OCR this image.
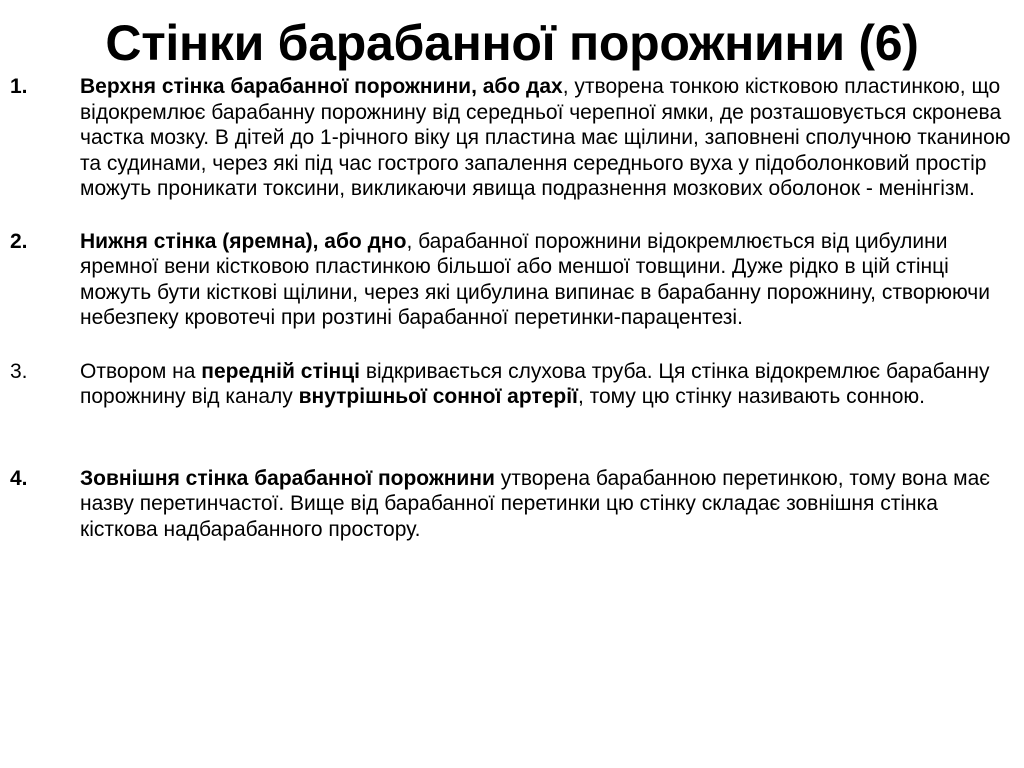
Стінки барабанної порожнини (6)
1. Верхня стінка барабанної порожнини, або дах, утворена тонкою кістковою пластинкою, що відокремлює барабанну порожнину від середньої черепної ямки, де розташовується скронева частка мозку. В дітей до 1-річного віку ця пластина має щілини, заповнені сполучною тканиною та судинами, через які під час гострого запалення середнього вуха у підоболонковий простір можуть проникати токсини, викликаючи явища подразнення мозкових оболонок - менінгізм.
2. Нижня стінка (яремна), або дно, барабанної порожнини відокремлюється від цибулини яремної вени кістковою пластинкою більшої або меншої товщини. Дуже рідко в цій стінці можуть бути кісткові щілини, через які цибулина випинає в барабанну порожнину, створюючи небезпеку кровотечі при розтині барабанної перетинки-парацентезі.
3. Отвором на передній стінці відкривається слухова труба. Ця стінка відокремлює барабанну порожнину від каналу внутрішньої сонної артерії, тому цю стінку називають сонною.
4. Зовнішня стінка барабанної порожнини утворена барабанною перетинкою, тому вона має назву перетинчастої. Вище від барабанної перетинки цю стінку складає зовнішня стінка кісткова надбарабанного простору.
